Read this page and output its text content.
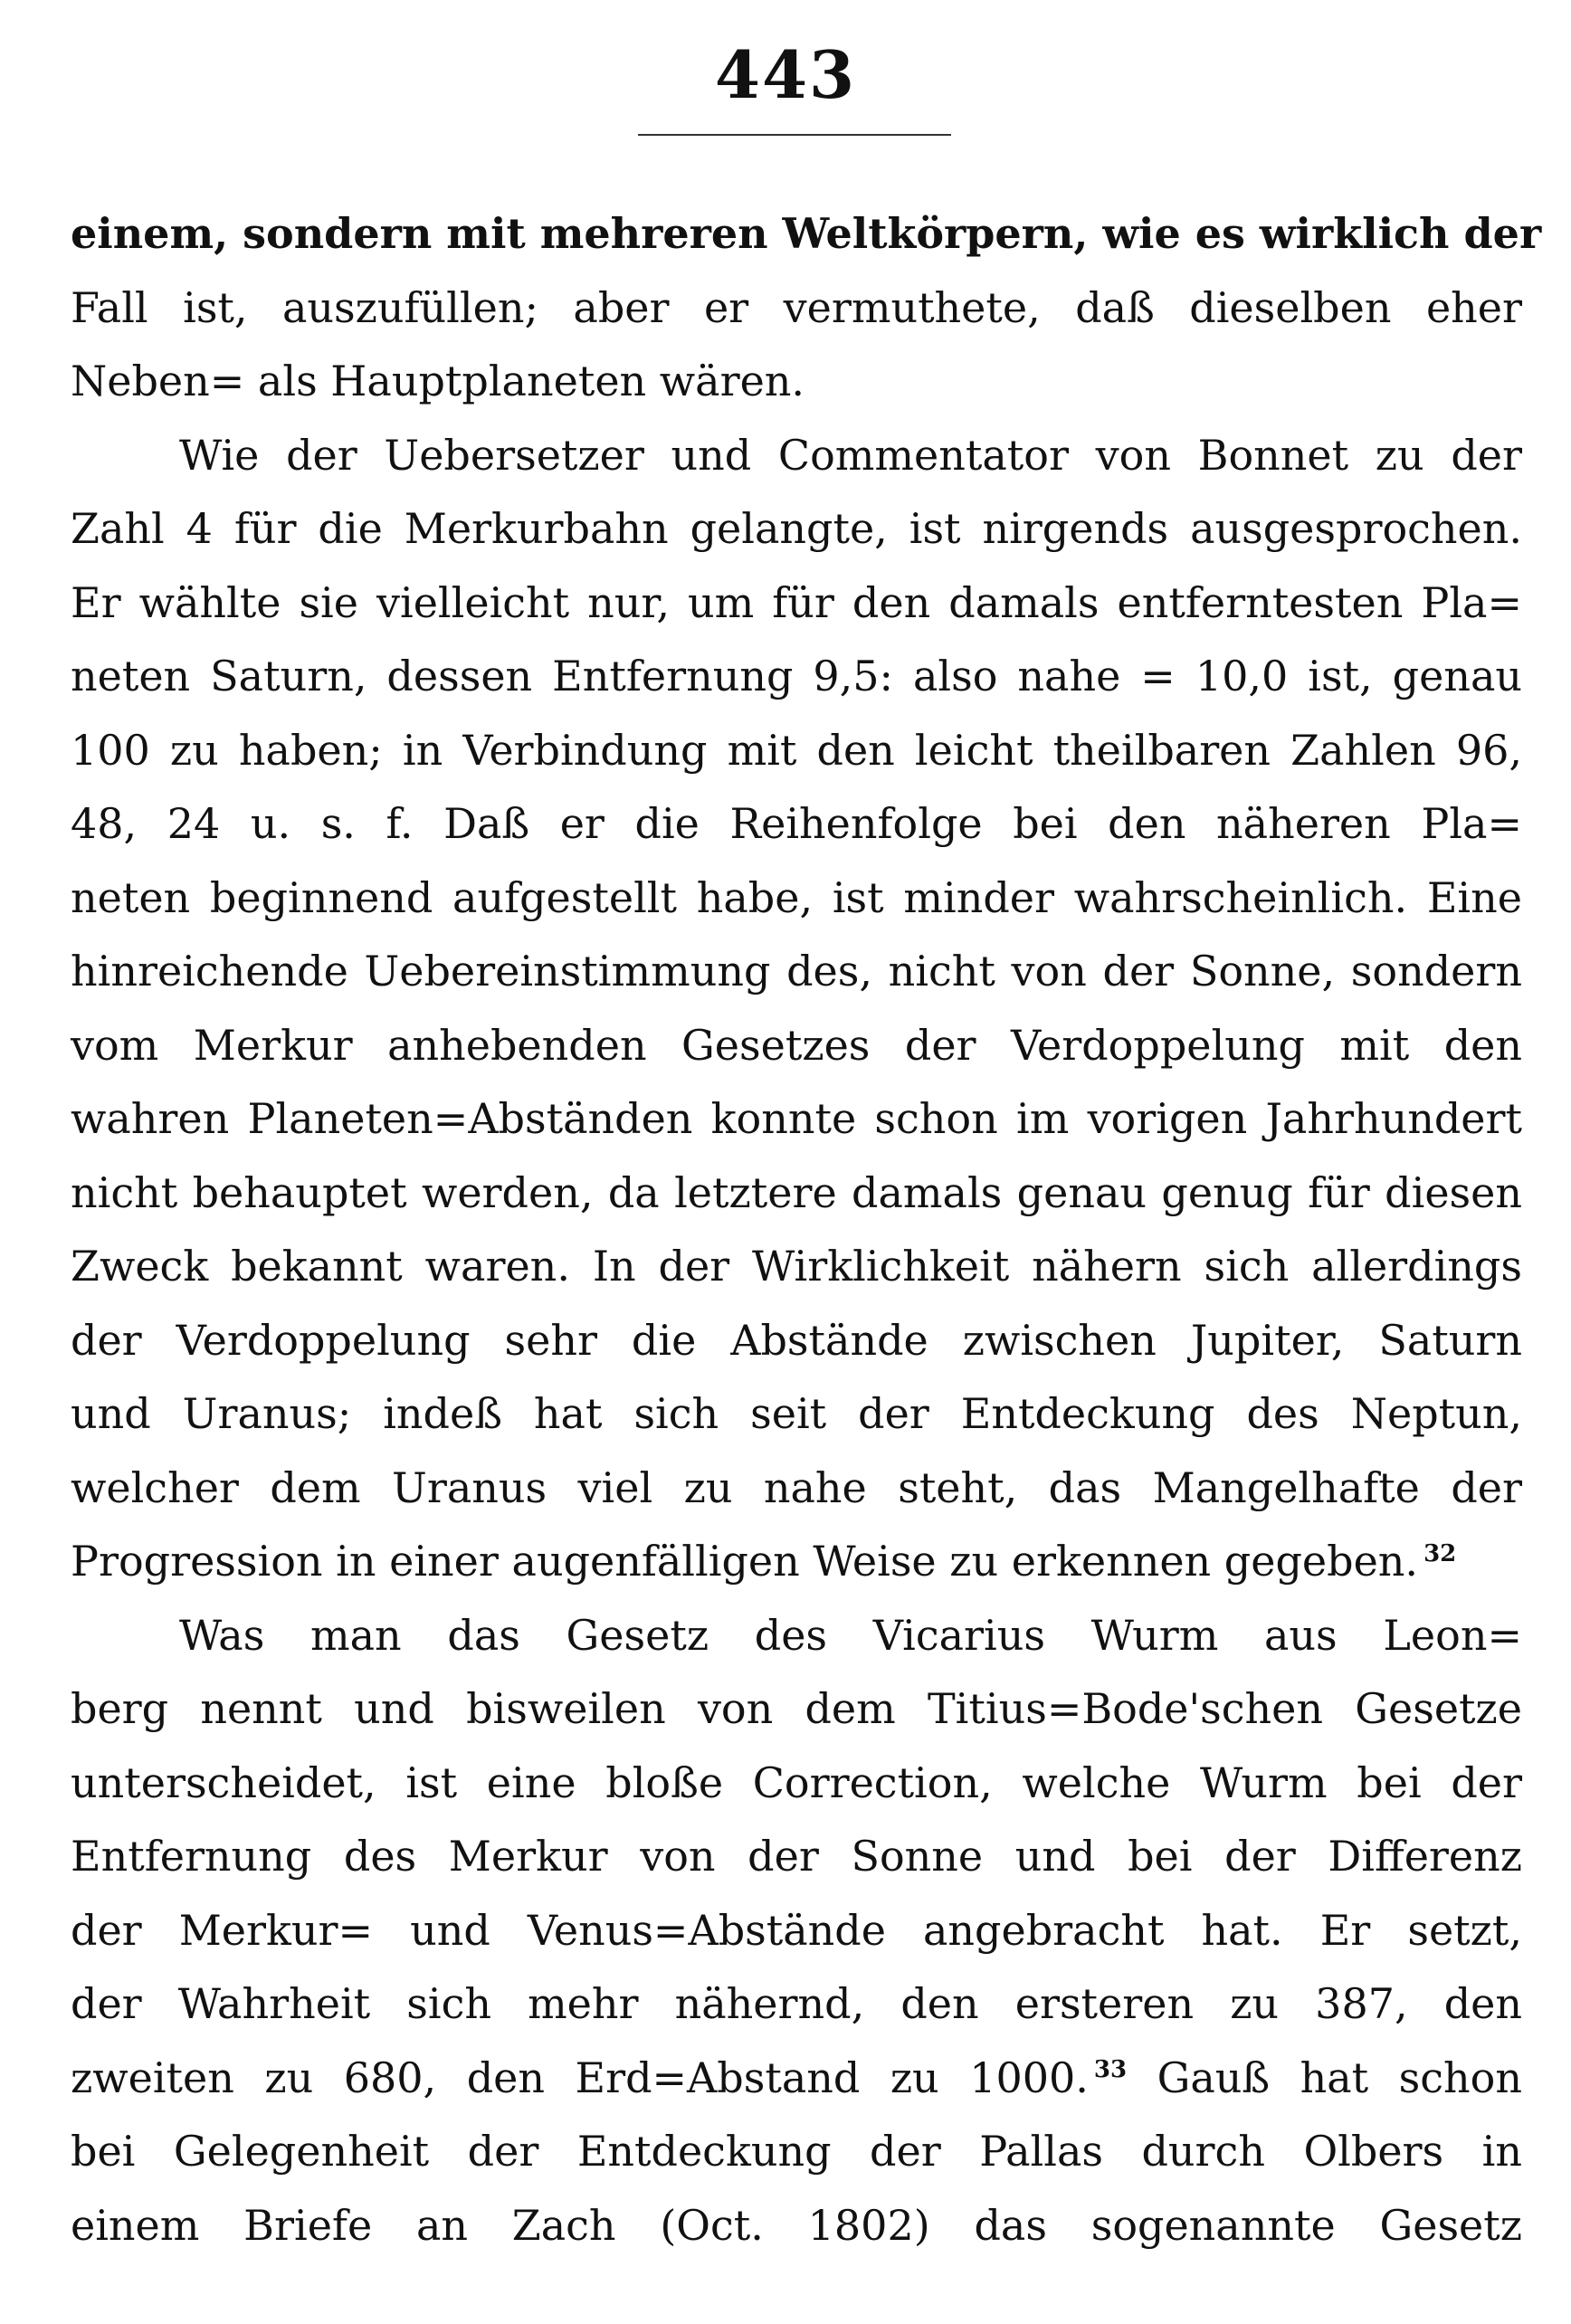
443
einem, sondern mit mehreren Weltkörpern, wie es wirklich der
Fall ist, auszufüllen; aber er vermuthete, daß dieselben eher
Neben= als Hauptplaneten wären.
Wie der Uebersetzer und Commentator von Bonnet zu der
Zahl 4 für die Merkurbahn gelangte, ist nirgends ausgesprochen.
Er wählte sie vielleicht nur, um für den damals entferntesten Pla=
neten Saturn, dessen Entfernung 9,5: also nahe = 10,0 ist, genau
100 zu haben; in Verbindung mit den leicht theilbaren Zahlen 96,
48, 24 u. s. f. Daß er die Reihenfolge bei den näheren Pla=
neten beginnend aufgestellt habe, ist minder wahrscheinlich. Eine
hinreichende Uebereinstimmung des, nicht von der Sonne, sondern
vom Merkur anhebenden Gesetzes der Verdoppelung mit den
wahren Planeten=Abständen konnte schon im vorigen Jahrhundert
nicht behauptet werden, da letztere damals genau genug für diesen
Zweck bekannt waren. In der Wirklichkeit nähern sich allerdings
der Verdoppelung sehr die Abstände zwischen Jupiter, Saturn
und Uranus; indeß hat sich seit der Entdeckung des Neptun,
welcher dem Uranus viel zu nahe steht, das Mangelhafte der
Progression in einer augenfälligen Weise zu erkennen gegeben. $^{32}$
Was man das Gesetz des Vicarius Wurm aus Leon=
berg nennt und bisweilen von dem Titius=Bode'schen Gesetze
unterscheidet, ist eine bloße Correction, welche Wurm bei der
Entfernung des Merkur von der Sonne und bei der Differenz
der Merkur= und Venus=Abstände angebracht hat. Er setzt,
der Wahrheit sich mehr nähernd, den ersteren zu 387, den
zweiten zu 680, den Erd=Abstand zu 1000. $^{33}$ Gauß hat schon
bei Gelegenheit der Entdeckung der Pallas durch Olbers in
einem Briefe an Zach (Oct. 1802) das sogenannte Gesetz
